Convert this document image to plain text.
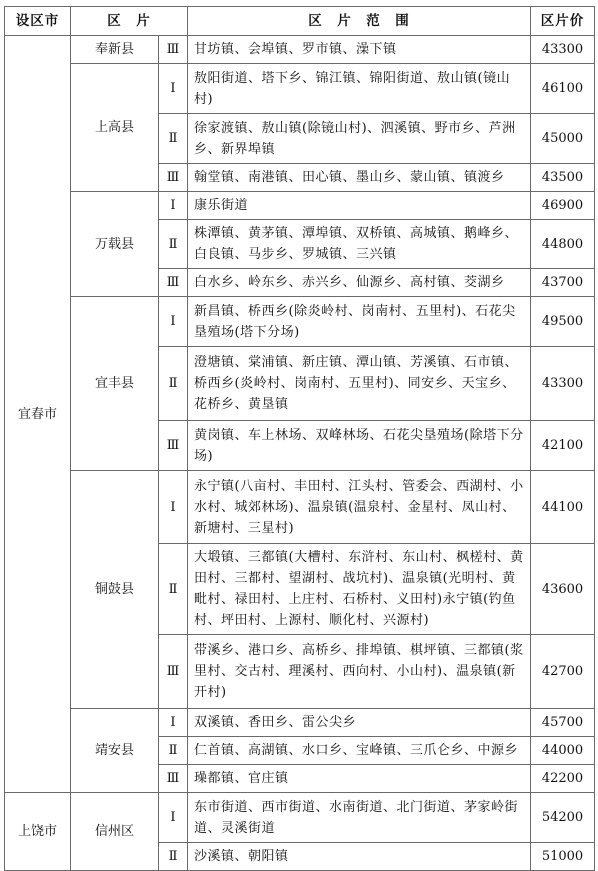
设区市	区　片		区　片　范　围	区片价
宜春市	奉新县	Ⅲ	甘坊镇、会埠镇、罗市镇、澡下镇	43300
	上高县	Ⅰ	敖阳街道、塔下乡、锦江镇、锦阳街道、敖山镇(镜山村)	46100
		Ⅱ	徐家渡镇、敖山镇(除镜山村)、泗溪镇、野市乡、芦洲乡、新界埠镇	45000
		Ⅲ	翰堂镇、南港镇、田心镇、墨山乡、蒙山镇、镇渡乡	43500
	万载县	Ⅰ	康乐街道	46900
		Ⅱ	株潭镇、黄茅镇、潭埠镇、双桥镇、高城镇、鹅峰乡、白良镇、马步乡、罗城镇、三兴镇	44800
		Ⅲ	白水乡、岭东乡、赤兴乡、仙源乡、高村镇、茭湖乡	43700
	宜丰县	Ⅰ	新昌镇、桥西乡(除炎岭村、岗南村、五里村)、石花尖垦殖场(塔下分场)	49500
		Ⅱ	澄塘镇、棠浦镇、新庄镇、潭山镇、芳溪镇、石市镇、桥西乡(炎岭村、岗南村、五里村)、同安乡、天宝乡、花桥乡、黄垦镇	43300
		Ⅲ	黄岗镇、车上林场、双峰林场、石花尖垦殖场(除塔下分场)	42100
	铜鼓县	Ⅰ	永宁镇(八亩村、丰田村、江头村、管委会、西湖村、小水村、城郊林场)、温泉镇(温泉村、金星村、凤山村、新塘村、三星村)	44100
		Ⅱ	大塅镇、三都镇(大槽村、东浒村、东山村、枫槎村、黄田村、三都村、望湖村、战坑村)、温泉镇(光明村、黄毗村、禄田村、上庄村、石桥村、义田村)永宁镇(钓鱼村、坪田村、上源村、顺化村、兴源村)	43600
		Ⅲ	带溪乡、港口乡、高桥乡、排埠镇、棋坪镇、三都镇(浆里村、交古村、理溪村、西向村、小山村)、温泉镇(新开村)	42700
	靖安县	Ⅰ	双溪镇、香田乡、雷公尖乡	45700
		Ⅱ	仁首镇、高湖镇、水口乡、宝峰镇、三爪仑乡、中源乡	44000
		Ⅲ	璪都镇、官庄镇	42200
上饶市	信州区	Ⅰ	东市街道、西市街道、水南街道、北门街道、茅家岭街道、灵溪街道	54200
		Ⅱ	沙溪镇、朝阳镇	51000
